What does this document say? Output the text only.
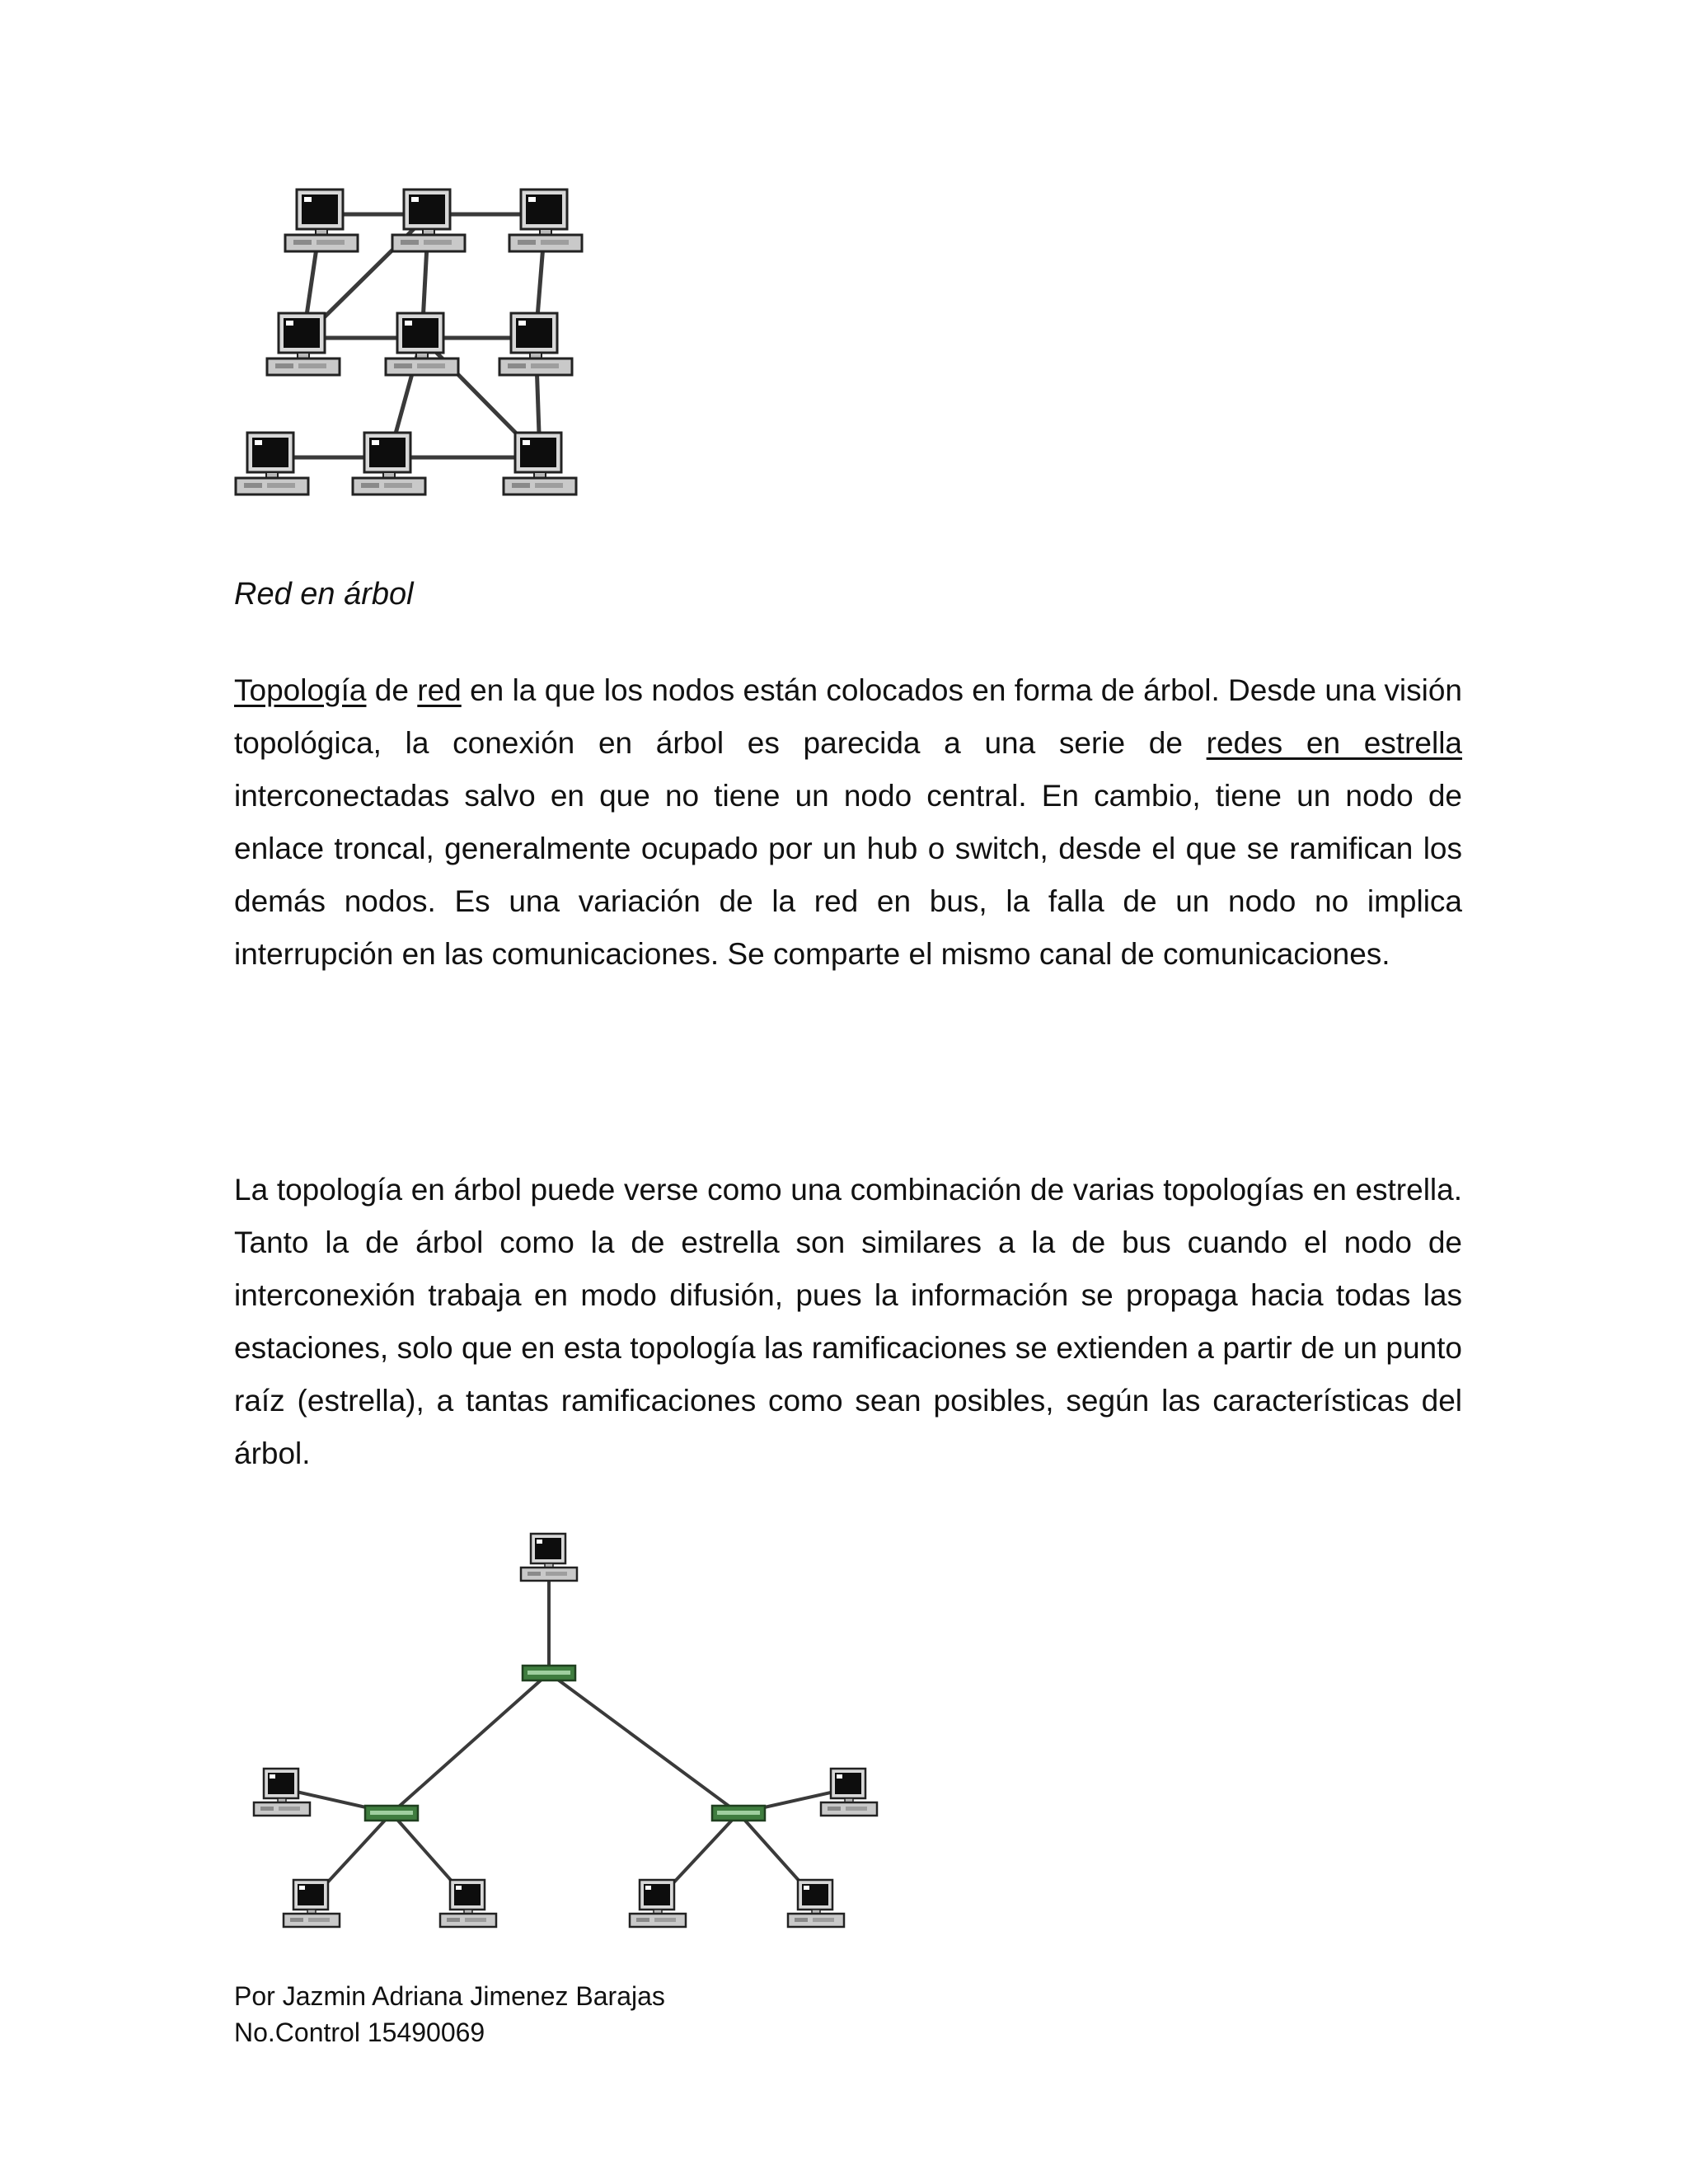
Red en árbol

Topología de red en la que los nodos están colocados en forma de árbol. Desde una visión topológica, la conexión en árbol es parecida a una serie de redes en estrella interconectadas salvo en que no tiene un nodo central. En cambio, tiene un nodo de enlace troncal, generalmente ocupado por un hub o switch, desde el que se ramifican los demás nodos. Es una variación de la red en bus, la falla de un nodo no implica interrupción en las comunicaciones. Se comparte el mismo canal de comunicaciones.

La topología en árbol puede verse como una combinación de varias topologías en estrella. Tanto la de árbol como la de estrella son similares a la de bus cuando el nodo de interconexión trabaja en modo difusión, pues la información se propaga hacia todas las estaciones, solo que en esta topología las ramificaciones se extienden a partir de un punto raíz (estrella), a tantas ramificaciones como sean posibles, según las características del árbol.

Por Jazmin Adriana Jimenez Barajas
No.Control 15490069
